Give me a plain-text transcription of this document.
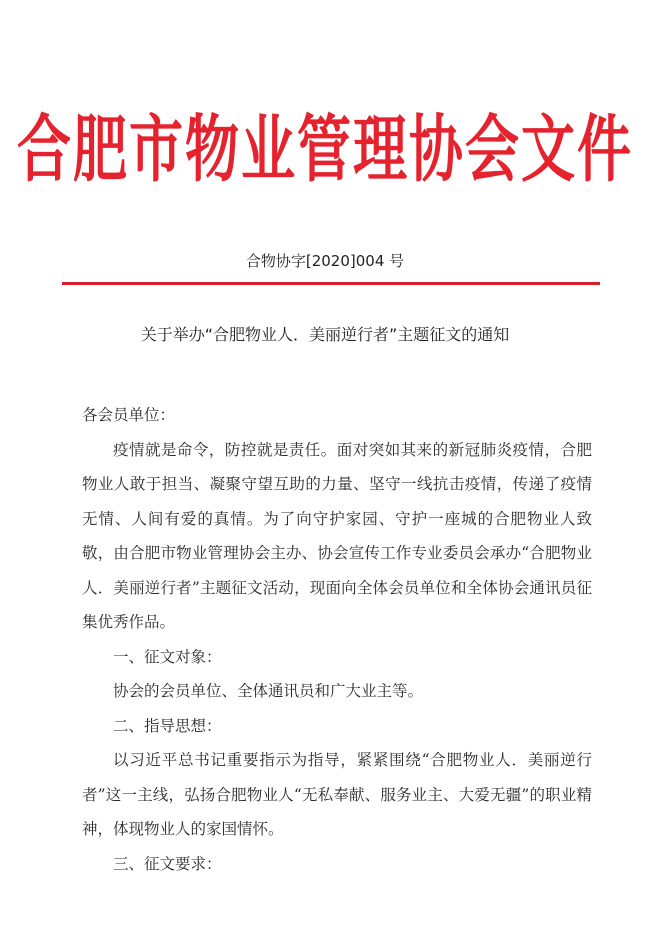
合肥市物业管理协会文件
合物协字[2020]004 号
关于举办“合肥物业人．美丽逆行者”主题征文的通知

各会员单位：

疫情就是命令，防控就是责任。面对突如其来的新冠肺炎疫情，合肥物业人敢于担当、凝聚守望互助的力量、坚守一线抗击疫情，传递了疫情无情、人间有爱的真情。为了向守护家园、守护一座城的合肥物业人致敬，由合肥市物业管理协会主办、协会宣传工作专业委员会承办“合肥物业人．美丽逆行者”主题征文活动，现面向全体会员单位和全体协会通讯员征集优秀作品。

一、征文对象：

协会的会员单位、全体通讯员和广大业主等。

二、指导思想：

以习近平总书记重要指示为指导，紧紧围绕“合肥物业人．美丽逆行者”这一主线，弘扬合肥物业人“无私奉献、服务业主、大爱无疆”的职业精神，体现物业人的家国情怀。

三、征文要求：
